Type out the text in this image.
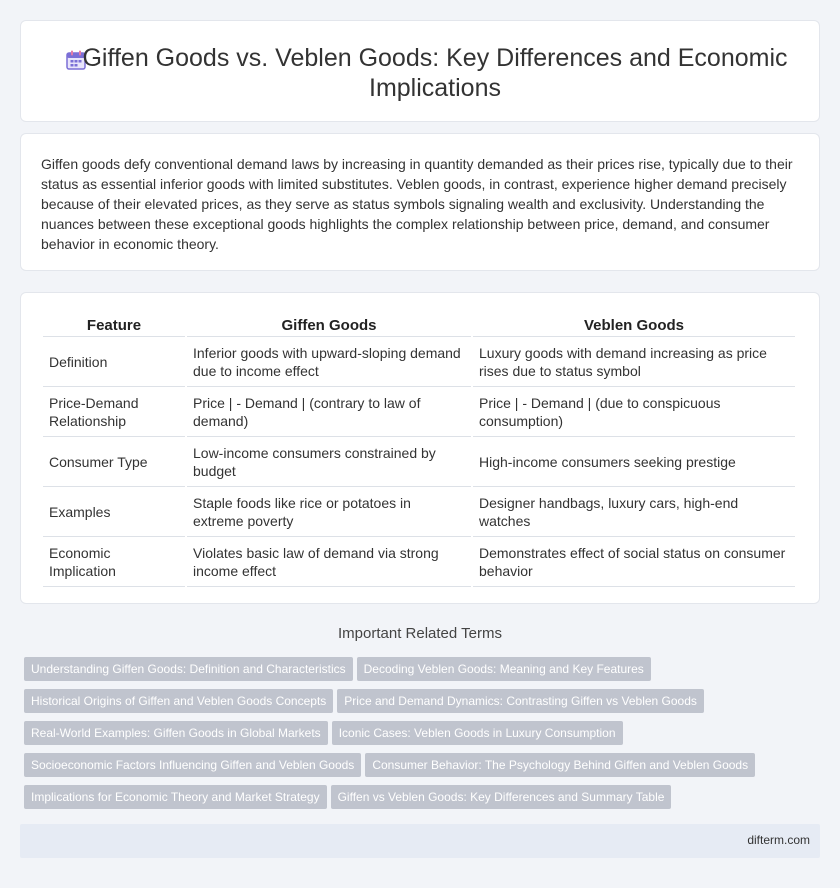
Giffen Goods vs. Veblen Goods: Key Differences and Economic Implications

Giffen goods defy conventional demand laws by increasing in quantity demanded as their prices rise, typically due to their status as essential inferior goods with limited substitutes. Veblen goods, in contrast, experience higher demand precisely because of their elevated prices, as they serve as status symbols signaling wealth and exclusivity. Understanding the nuances between these exceptional goods highlights the complex relationship between price, demand, and consumer behavior in economic theory.

Feature	Giffen Goods	Veblen Goods
Definition	Inferior goods with upward-sloping demand due to income effect	Luxury goods with demand increasing as price rises due to status symbol
Price-Demand Relationship	Price | - Demand | (contrary to law of demand)	Price | - Demand | (due to conspicuous consumption)
Consumer Type	Low-income consumers constrained by budget	High-income consumers seeking prestige
Examples	Staple foods like rice or potatoes in extreme poverty	Designer handbags, luxury cars, high-end watches
Economic Implication	Violates basic law of demand via strong income effect	Demonstrates effect of social status on consumer behavior
Important Related Terms
Understanding Giffen Goods: Definition and Characteristics Decoding Veblen Goods: Meaning and Key Features
Historical Origins of Giffen and Veblen Goods Concepts Price and Demand Dynamics: Contrasting Giffen vs Veblen Goods
Real-World Examples: Giffen Goods in Global Markets Iconic Cases: Veblen Goods in Luxury Consumption
Socioeconomic Factors Influencing Giffen and Veblen Goods Consumer Behavior: The Psychology Behind Giffen and Veblen Goods
Implications for Economic Theory and Market Strategy Giffen vs Veblen Goods: Key Differences and Summary Table
difterm.com
